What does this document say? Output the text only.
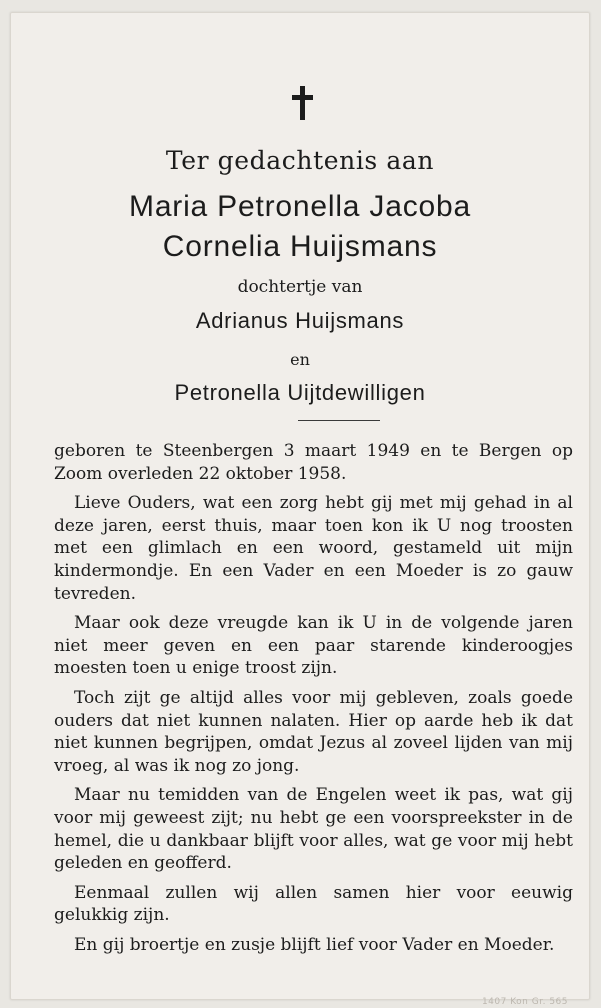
Ter gedachtenis aan
Maria Petronella Jacoba
Cornelia Huijsmans
dochtertje van
Adrianus Huijsmans
en
Petronella Uijtdewilligen

geboren te Steenbergen 3 maart 1949 en te Bergen op Zoom overleden 22 oktober 1958.

Lieve Ouders, wat een zorg hebt gij met mij gehad in al deze jaren, eerst thuis, maar toen kon ik U nog troosten met een glimlach en een woord, gestameld uit mijn kindermondje. En een Vader en een Moeder is zo gauw tevreden.

Maar ook deze vreugde kan ik U in de volgende jaren niet meer geven en een paar starende kinderoogjes moesten toen u enige troost zijn.

Toch zijt ge altijd alles voor mij gebleven, zoals goede ouders dat niet kunnen nalaten. Hier op aarde heb ik dat niet kunnen begrijpen, omdat Jezus al zoveel lijden van mij vroeg, al was ik nog zo jong.

Maar nu temidden van de Engelen weet ik pas, wat gij voor mij geweest zijt; nu hebt ge een voorspreekster in de hemel, die u dankbaar blijft voor alles, wat ge voor mij hebt geleden en geofferd.

Eenmaal zullen wij allen samen hier voor eeuwig gelukkig zijn.

En gij broertje en zusje blijft lief voor Vader en Moeder.

1407 Kon Gr. 565
